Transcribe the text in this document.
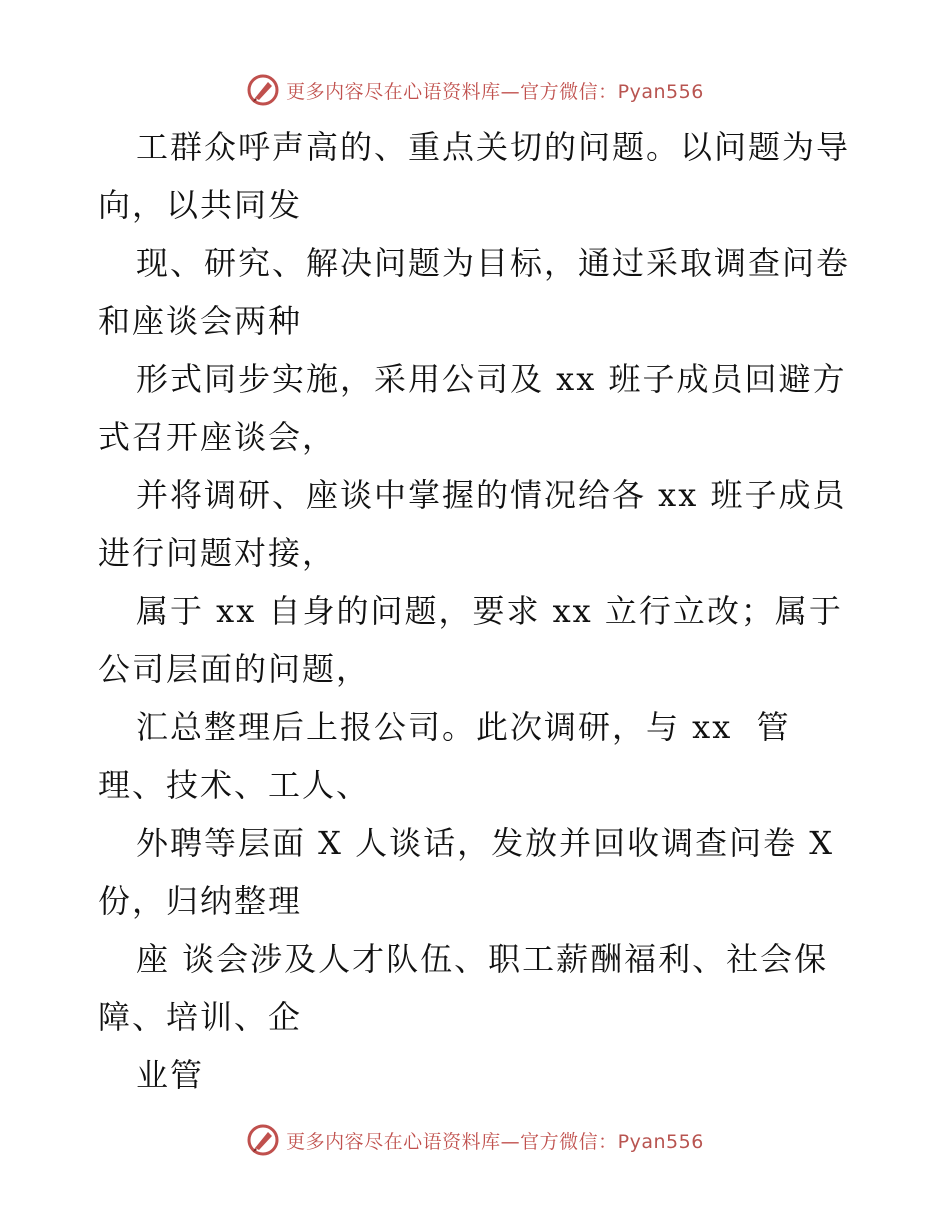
更多内容尽在心语资料库—官方微信：Pyan556

工群众呼声高的、重点关切的问题。以问题为导向，以共同发

现、研究、解决问题为目标，通过采取调查问卷和座谈会两种

形式同步实施，采用公司及 xx 班子成员回避方式召开座谈会，

并将调研、座谈中掌握的情况给各 xx 班子成员进行问题对接，

属于 xx 自身的问题，要求 xx 立行立改；属于公司层面的问题，

汇总整理后上报公司。此次调研，与 xx  管 理、技术、工人、

外聘等层面 X 人谈话，发放并回收调查问卷 X 份，归纳整理

座 谈会涉及人才队伍、职工薪酬福利、社会保障、培训、企

业管

更多内容尽在心语资料库—官方微信：Pyan556
